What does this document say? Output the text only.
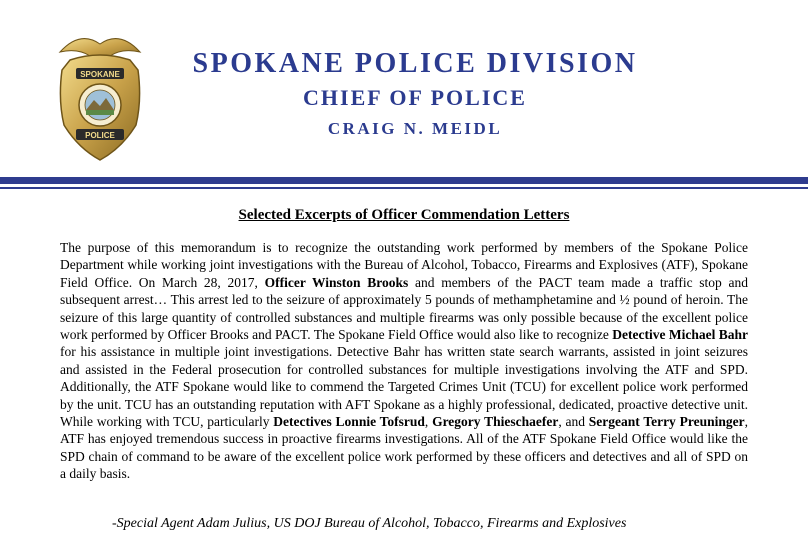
SPOKANE
POLICE
SPOKANE POLICE DIVISION
CHIEF OF POLICE
CRAIG N. MEIDL
Selected Excerpts of Officer Commendation Letters
The purpose of this memorandum is to recognize the outstanding work performed by members of the Spokane Police Department while working joint investigations with the Bureau of Alcohol, Tobacco, Firearms and Explosives (ATF), Spokane Field Office. On March 28, 2017, Officer Winston Brooks and members of the PACT team made a traffic stop and subsequent arrest… This arrest led to the seizure of approximately 5 pounds of methamphetamine and ½ pound of heroin. The seizure of this large quantity of controlled substances and multiple firearms was only possible because of the excellent police work performed by Officer Brooks and PACT. The Spokane Field Office would also like to recognize Detective Michael Bahr for his assistance in multiple joint investigations. Detective Bahr has written state search warrants, assisted in joint seizures and assisted in the Federal prosecution for controlled substances for multiple investigations involving the ATF and SPD. Additionally, the ATF Spokane would like to commend the Targeted Crimes Unit (TCU) for excellent police work performed by the unit. TCU has an outstanding reputation with AFT Spokane as a highly professional, dedicated, proactive detective unit. While working with TCU, particularly Detectives Lonnie Tofsrud, Gregory Thieschaefer, and Sergeant Terry Preuninger, ATF has enjoyed tremendous success in proactive firearms investigations. All of the ATF Spokane Field Office would like the SPD chain of command to be aware of the excellent police work performed by these officers and detectives and all of SPD on a daily basis.
-Special Agent Adam Julius, US DOJ Bureau of Alcohol, Tobacco, Firearms and Explosives
